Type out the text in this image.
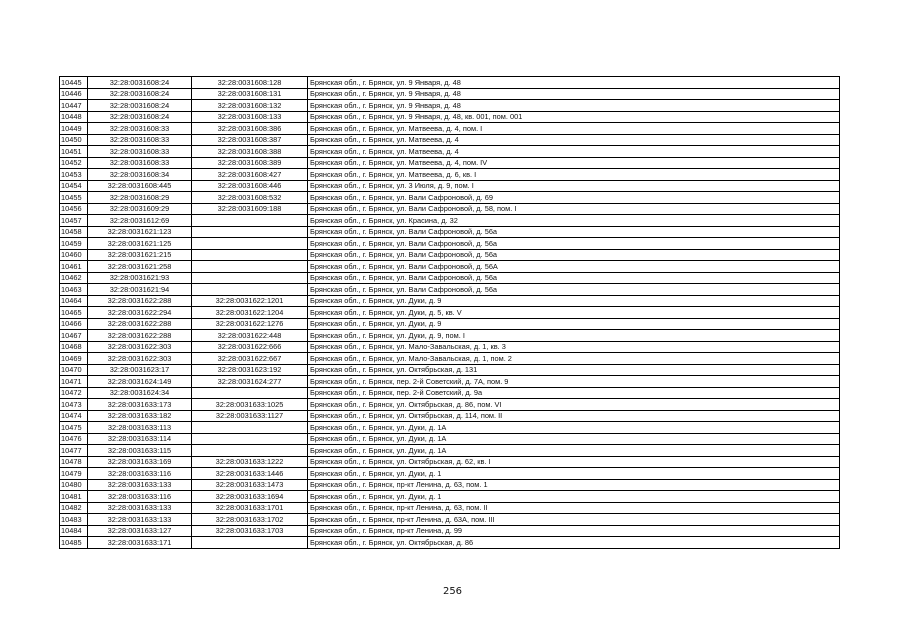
10445	32:28:0031608:24	32:28:0031608:128	Брянская обл., г. Брянск, ул. 9 Января, д. 48
10446	32:28:0031608:24	32:28:0031608:131	Брянская обл., г. Брянск, ул. 9 Января, д. 48
10447	32:28:0031608:24	32:28:0031608:132	Брянская обл., г. Брянск, ул. 9 Января, д. 48
10448	32:28:0031608:24	32:28:0031608:133	Брянская обл., г. Брянск, ул. 9 Января, д. 48, кв. 001, пом. 001
10449	32:28:0031608:33	32:28:0031608:386	Брянская обл., г. Брянск, ул. Матвеева, д. 4, пом. I
10450	32:28:0031608:33	32:28:0031608:387	Брянская обл., г. Брянск, ул. Матвеева, д. 4
10451	32:28:0031608:33	32:28:0031608:388	Брянская обл., г. Брянск, ул. Матвеева, д. 4
10452	32:28:0031608:33	32:28:0031608:389	Брянская обл., г. Брянск, ул. Матвеева, д. 4, пом. IV
10453	32:28:0031608:34	32:28:0031608:427	Брянская обл., г. Брянск, ул. Матвеева, д. 6, кв. I
10454	32:28:0031608:445	32:28:0031608:446	Брянская обл., г. Брянск, ул. 3 Июля, д. 9, пом. I
10455	32:28:0031608:29	32:28:0031608:532	Брянская обл., г. Брянск, ул. Вали Сафроновой, д. 69
10456	32:28:0031609:29	32:28:0031609:188	Брянская обл., г. Брянск, ул. Вали Сафроновой, д. 58, пом. I
10457	32:28:0031612:69		Брянская обл., г. Брянск, ул. Красина, д. 32
10458	32:28:0031621:123		Брянская обл., г. Брянск, ул. Вали Сафроновой, д. 56а
10459	32:28:0031621:125		Брянская обл., г. Брянск, ул. Вали Сафроновой, д. 56а
10460	32:28:0031621:215		Брянская обл., г. Брянск, ул. Вали Сафроновой, д. 56а
10461	32:28:0031621:258		Брянская обл., г. Брянск, ул. Вали Сафроновой, д. 56А
10462	32:28:0031621:93		Брянская обл., г. Брянск, ул. Вали Сафроновой, д. 56а
10463	32:28:0031621:94		Брянская обл., г. Брянск, ул. Вали Сафроновой, д. 56а
10464	32:28:0031622:288	32:28:0031622:1201	Брянская обл., г. Брянск, ул. Дуки, д. 9
10465	32:28:0031622:294	32:28:0031622:1204	Брянская обл., г. Брянск, ул. Дуки, д. 5, кв. V
10466	32:28:0031622:288	32:28:0031622:1276	Брянская обл., г. Брянск, ул. Дуки, д. 9
10467	32:28:0031622:288	32:28:0031622:448	Брянская обл., г. Брянск, ул. Дуки, д. 9, пом. I
10468	32:28:0031622:303	32:28:0031622:666	Брянская обл., г. Брянск, ул. Мало-Завальская, д. 1, кв. 3
10469	32:28:0031622:303	32:28:0031622:667	Брянская обл., г. Брянск, ул. Мало-Завальская, д. 1, пом. 2
10470	32:28:0031623:17	32:28:0031623:192	Брянская обл., г. Брянск, ул. Октябрьская, д. 131
10471	32:28:0031624:149	32:28:0031624:277	Брянская обл., г. Брянск, пер. 2-й Советский, д. 7А, пом. 9
10472	32:28:0031624:34		Брянская обл., г. Брянск, пер. 2-й Советский, д. 9а
10473	32:28:0031633:173	32:28:0031633:1025	Брянская обл., г. Брянск, ул. Октябрьская, д. 86, пом. VI
10474	32:28:0031633:182	32:28:0031633:1127	Брянская обл., г. Брянск, ул. Октябрьская, д. 114, пом. II
10475	32:28:0031633:113		Брянская обл., г. Брянск, ул. Дуки, д. 1А
10476	32:28:0031633:114		Брянская обл., г. Брянск, ул. Дуки, д. 1А
10477	32:28:0031633:115		Брянская обл., г. Брянск, ул. Дуки, д. 1А
10478	32:28:0031633:169	32:28:0031633:1222	Брянская обл., г. Брянск, ул. Октябрьская, д. 62, кв. I
10479	32:28:0031633:116	32:28:0031633:1446	Брянская обл., г. Брянск, ул. Дуки, д. 1
10480	32:28:0031633:133	32:28:0031633:1473	Брянская обл., г. Брянск, пр-кт Ленина, д. 63, пом. 1
10481	32:28:0031633:116	32:28:0031633:1694	Брянская обл., г. Брянск, ул. Дуки, д. 1
10482	32:28:0031633:133	32:28:0031633:1701	Брянская обл., г. Брянск, пр-кт Ленина, д. 63, пом. II
10483	32:28:0031633:133	32:28:0031633:1702	Брянская обл., г. Брянск, пр-кт Ленина, д. 63А, пом. III
10484	32:28:0031633:127	32:28:0031633:1703	Брянская обл., г. Брянск, пр-кт Ленина, д. 99
10485	32:28:0031633:171		Брянская обл., г. Брянск, ул. Октябрьская, д. 86
256
